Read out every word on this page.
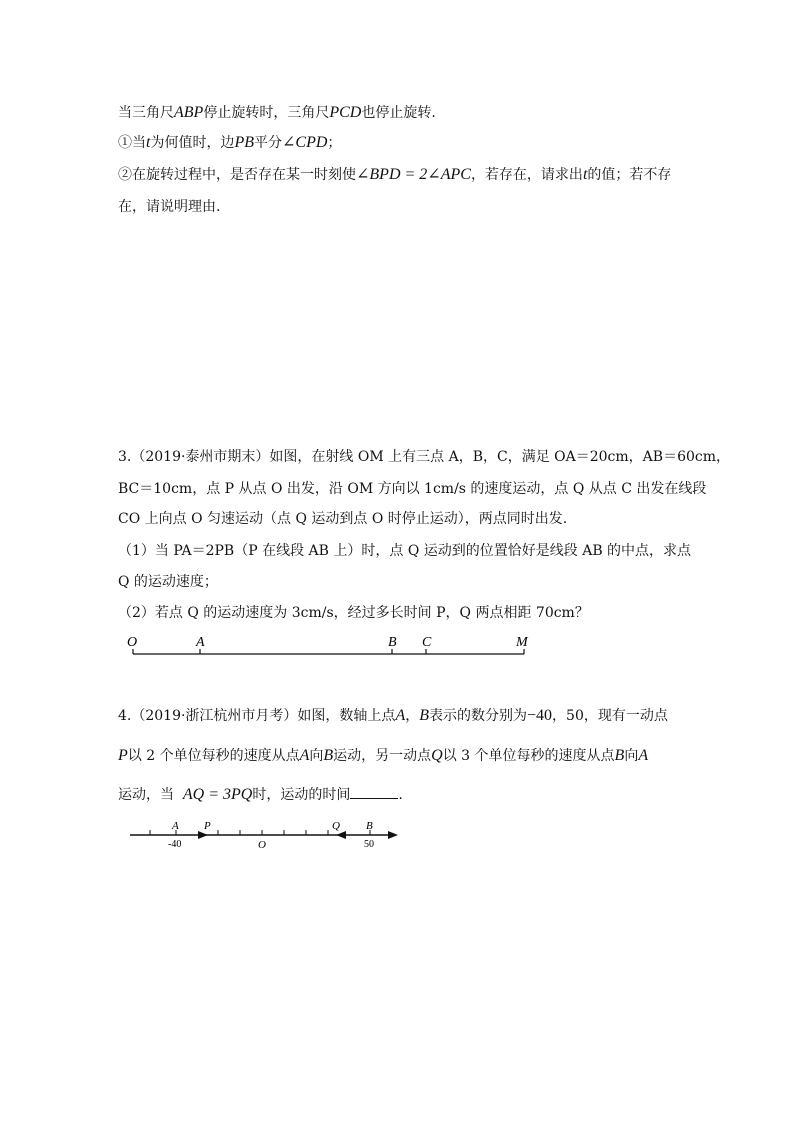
当三角尺ABP停止旋转时，三角尺PCD也停止旋转.
①当t为何值时，边PB平分∠CPD；
②在旋转过程中，是否存在某一时刻使∠BPD = 2∠APC，若存在，请求出t的值；若不存
在，请说明理由.
3.（2019·泰州市期末）如图，在射线 OM 上有三点 A，B，C，满足 OA＝20cm，AB＝60cm，
BC＝10cm，点 P 从点 O 出发，沿 OM 方向以 1cm/s 的速度运动，点 Q 从点 C 出发在线段
CO 上向点 O 匀速运动（点 Q 运动到点 O 时停止运动），两点同时出发.
（1）当 PA＝2PB（P 在线段 AB 上）时，点 Q 运动到的位置恰好是线段 AB 的中点，求点
Q 的运动速度；
（2）若点 Q 的运动速度为 3cm/s，经过多长时间 P，Q 两点相距 70cm？
O	A	B C	M
4.（2019·浙江杭州市月考）如图，数轴上点A，B表示的数分别为−40，50，现有一动点
P以 2 个单位每秒的速度从点A向B运动，另一动点Q以 3 个单位每秒的速度从点B向A
运动，当 AQ = 3PQ时，运动的时间	.
A P
O
Q B
-40	50
